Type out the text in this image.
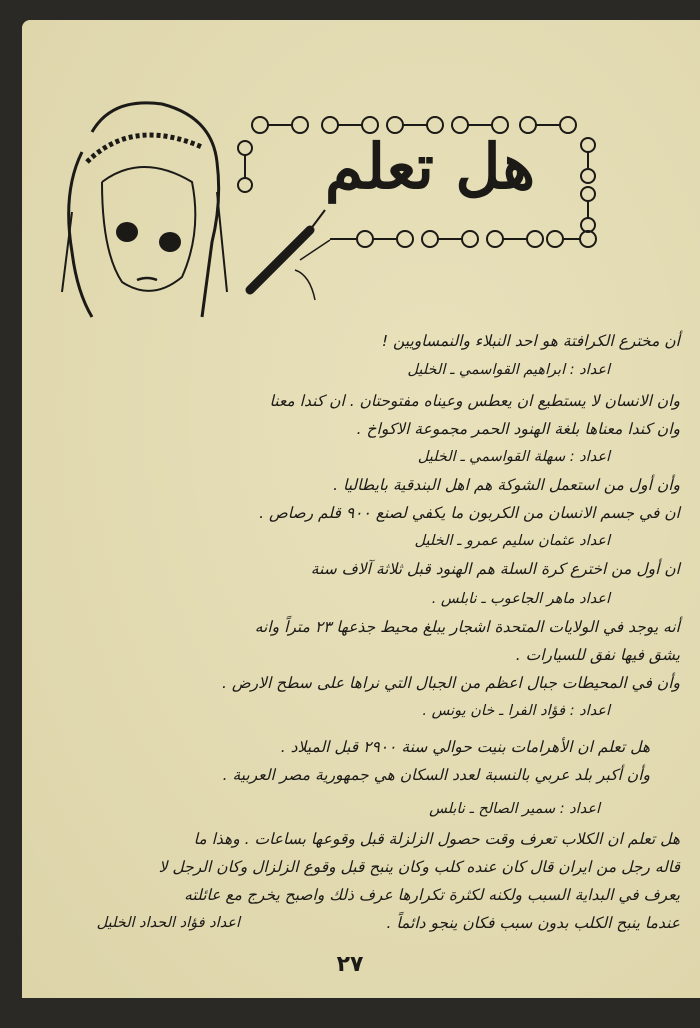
هل تعلم
أن مخترع الكرافتة هو احد النبلاء والنمساويين !
اعداد : ابراهيم القواسمي ـ الخليل
وان الانسان لا يستطيع ان يعطس وعيناه مفتوحتان . ان كندا معنا
وان كندا معناها بلغة الهنود الحمر مجموعة الاكواخ .
اعداد : سهلة القواسمي ـ الخليل
وأن أول من استعمل الشوكة هم اهل البندقية بايطاليا .
ان في جسم الانسان من الكربون ما يكفي لصنع ٩٠٠ قلم رصاص .
اعداد عثمان سليم عمرو ـ الخليل
ان أول من اخترع كرة السلة هم الهنود قبل ثلاثة آلاف سنة
اعداد ماهر الجاعوب ـ نابلس .
أنه يوجد في الولايات المتحدة اشجار يبلغ محيط جذعها ٢٣ متراً وانه
يشق فيها نفق للسيارات .
وأن في المحيطات جبال اعظم من الجبال التي نراها على سطح الارض .
اعداد : فؤاد الفرا ـ خان يونس .
هل تعلم ان الأهرامات بنيت حوالي سنة ٢٩٠٠ قبل الميلاد .
وأن أكبر بلد عربي بالنسبة لعدد السكان هي جمهورية مصر العربية .
اعداد : سمير الصالح ـ نابلس
هل تعلم ان الكلاب تعرف وقت حصول الزلزلة قبل وقوعها بساعات . وهذا ما
قاله رجل من ايران قال كان عنده كلب وكان ينبح قبل وقوع الزلزال وكان الرجل لا
يعرف في البداية السبب ولكنه لكثرة تكرارها عرف ذلك واصبح يخرج مع عائلته
عندما ينبح الكلب بدون سبب فكان ينجو دائماً .
اعداد فؤاد الحداد الخليل
٢٧
